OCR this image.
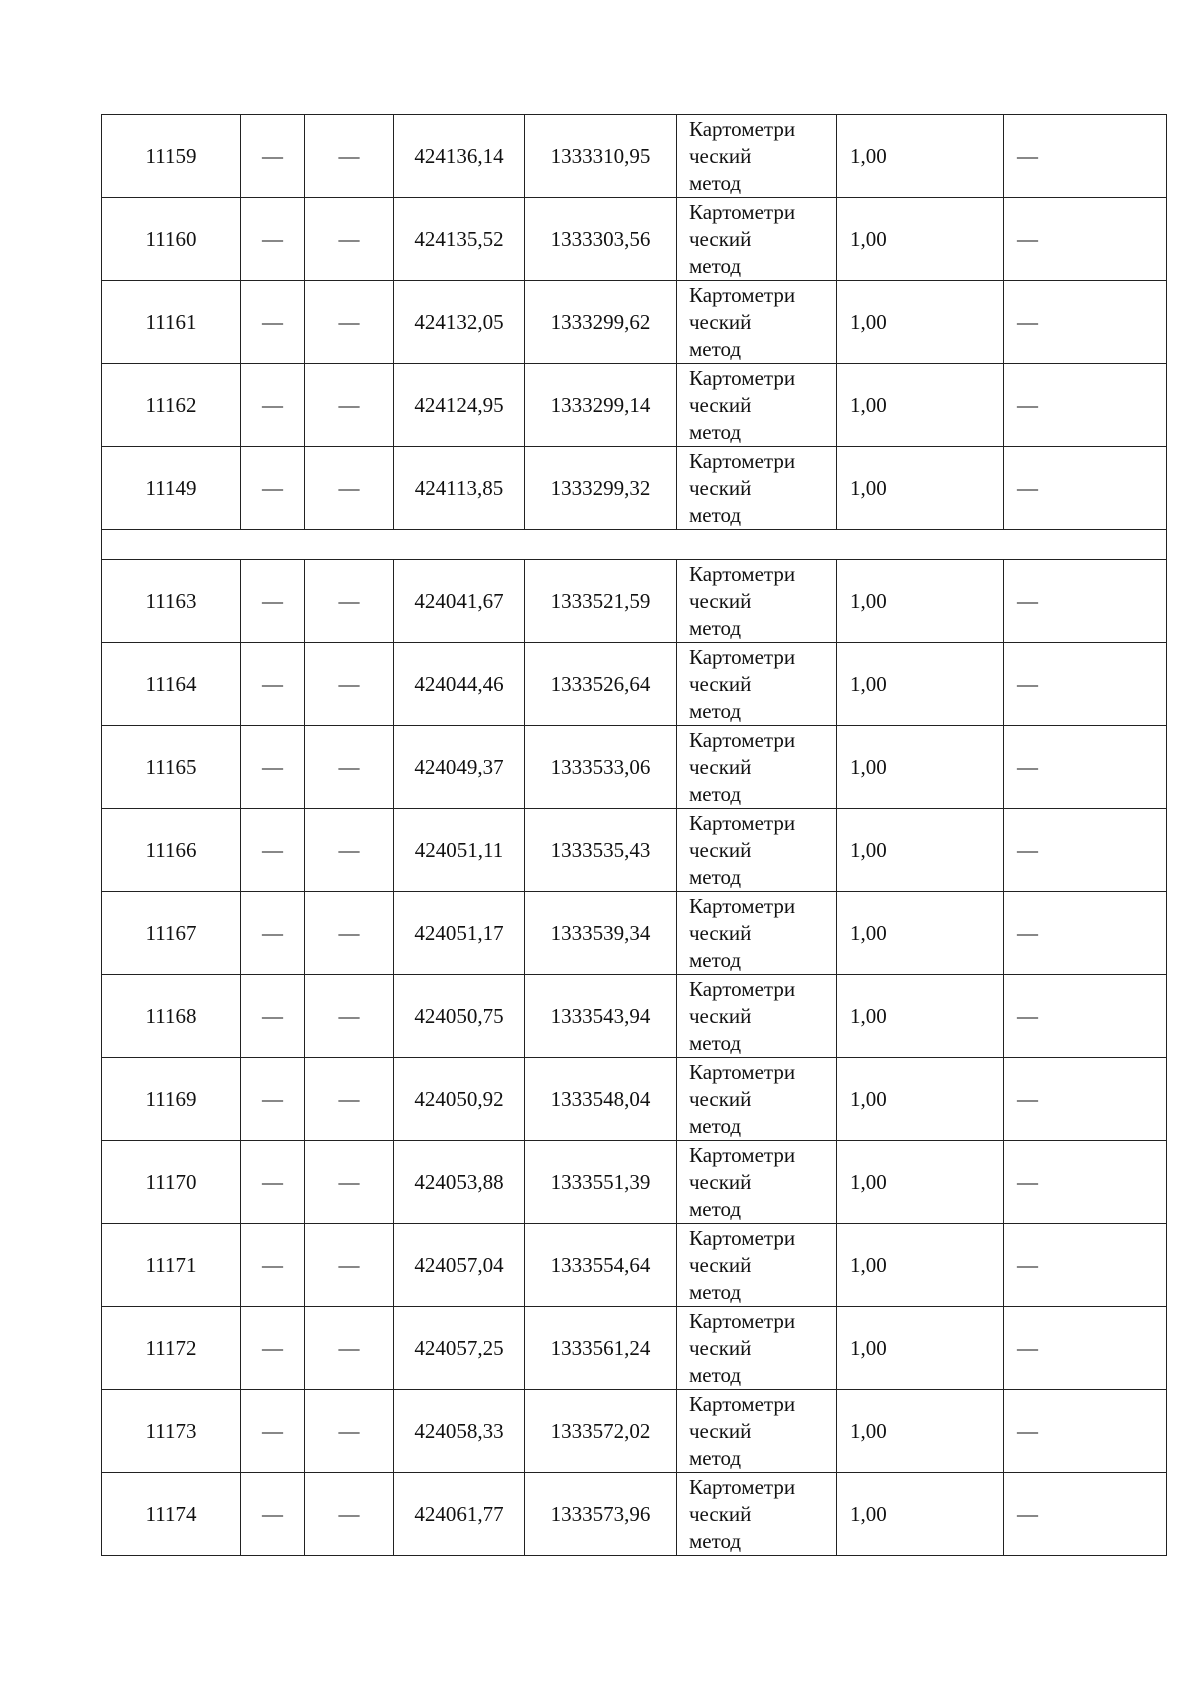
11159	—	—	424136,14	1333310,95	Картометри
ческий
метод	1,00	—
11160	—	—	424135,52	1333303,56	Картометри
ческий
метод	1,00	—
11161	—	—	424132,05	1333299,62	Картометри
ческий
метод	1,00	—
11162	—	—	424124,95	1333299,14	Картометри
ческий
метод	1,00	—
11149	—	—	424113,85	1333299,32	Картометри
ческий
метод	1,00	—

11163	—	—	424041,67	1333521,59	Картометри
ческий
метод	1,00	—
11164	—	—	424044,46	1333526,64	Картометри
ческий
метод	1,00	—
11165	—	—	424049,37	1333533,06	Картометри
ческий
метод	1,00	—
11166	—	—	424051,11	1333535,43	Картометри
ческий
метод	1,00	—
11167	—	—	424051,17	1333539,34	Картометри
ческий
метод	1,00	—
11168	—	—	424050,75	1333543,94	Картометри
ческий
метод	1,00	—
11169	—	—	424050,92	1333548,04	Картометри
ческий
метод	1,00	—
11170	—	—	424053,88	1333551,39	Картометри
ческий
метод	1,00	—
11171	—	—	424057,04	1333554,64	Картометри
ческий
метод	1,00	—
11172	—	—	424057,25	1333561,24	Картометри
ческий
метод	1,00	—
11173	—	—	424058,33	1333572,02	Картометри
ческий
метод	1,00	—
11174	—	—	424061,77	1333573,96	Картометри
ческий
метод	1,00	—
